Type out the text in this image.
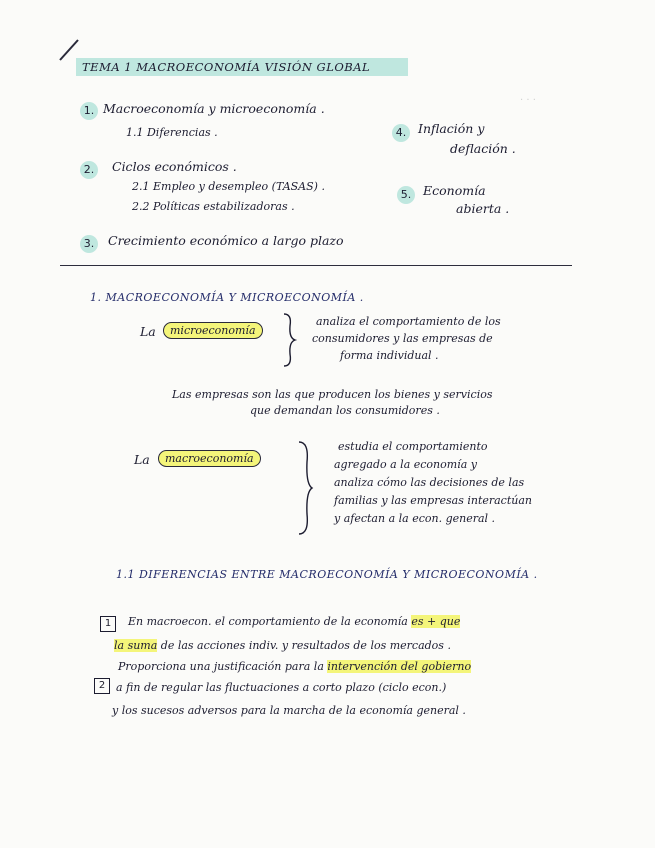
· · ·
TEMA 1 MACROECONOMÍA VISIÓN GLOBAL
1. Macroeconomía y microeconomía .
1.1 Diferencias .
2.	Ciclos económicos .
2.1 Empleo y desempleo (TASAS) .
2.2 Políticas estabilizadoras .
3.	Crecimiento económico a largo plazo
4. Inflación y
deflación .
5. Economía
abierta .
1. MACROECONOMÍA Y MICROECONOMÍA .
La	microeconomía
analiza el comportamiento de los
consumidores y las empresas de
forma individual .
Las empresas son las que producen los bienes y servicios
que demandan los consumidores .
La	macroeconomía
estudia el comportamiento
agregado a la economía y
analiza cómo las decisiones de las
familias y las empresas interactúan
y afectan a la econ. general .
1.1 DIFERENCIAS ENTRE MACROECONOMÍA Y MICROECONOMÍA .
1	En macroecon. el comportamiento de la economía es + que
la suma de las acciones indiv. y resultados de los mercados .
2
Proporciona una justificación para la intervención del gobierno
a fin de regular las fluctuaciones a corto plazo (ciclo econ.)
y los sucesos adversos para la marcha de la economía general .
